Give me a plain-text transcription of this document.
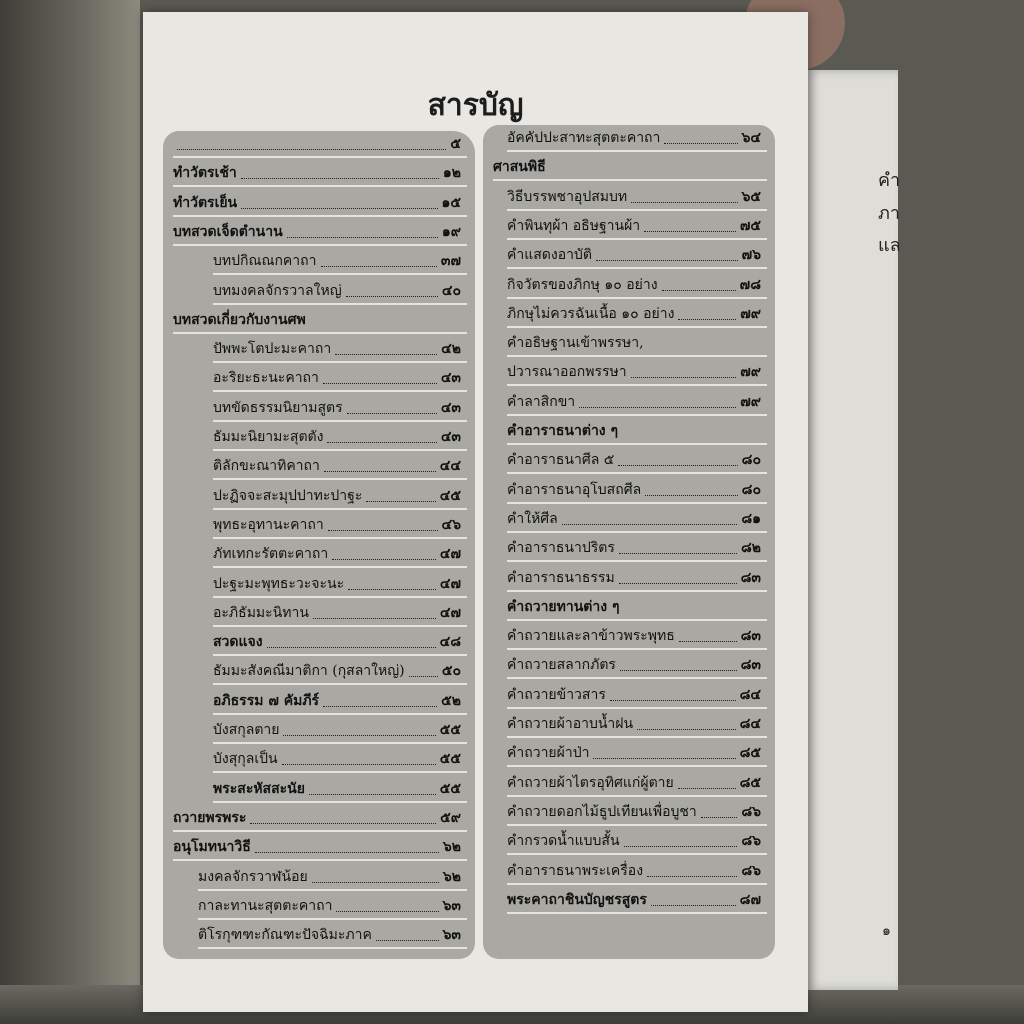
คำ
ภา
แล
๑
สารบัญ
๕
ทำวัตรเช้า	๑๒
ทำวัตรเย็น	๑๕
บทสวดเจ็ดตำนาน	๑๙
บทปกิณณกคาถา	๓๗
บทมงคลจักรวาลใหญ่	๔๐
บทสวดเกี่ยวกับงานศพ
ปัพพะโตปะมะคาถา	๔๒
อะริยะธะนะคาถา	๔๓
บทขัดธรรมนิยามสูตร	๔๓
ธัมมะนิยามะสุตตัง	๔๓
ติลักขะณาทิคาถา	๔๔
ปะฏิจจะสะมุปปาทะปาฐะ	๔๕
พุทธะอุทานะคาถา	๔๖
ภัทเทกะรัตตะคาถา	๔๗
ปะฐะมะพุทธะวะจะนะ	๔๗
อะภิธัมมะนิทาน	๔๗
สวดแจง	๔๘
ธัมมะสังคณีมาติกา (กุสลาใหญ่)	๕๐
อภิธรรม ๗ คัมภีร์	๕๒
บังสกุลตาย	๕๕
บังสุกุลเป็น	๕๕
พระสะหัสสะนัย	๕๕
ถวายพรพระ	๕๙
อนุโมทนาวิธี	๖๒
มงคลจักรวาฬน้อย	๖๒
กาละทานะสุตตะคาถา	๖๓
ติโรกุฑฑะกัณฑะปัจฉิมะภาค	๖๓
อัคคัปปะสาทะสุตตะคาถา	๖๔
ศาสนพิธี
วิธีบรรพชาอุปสมบท	๖๕
คำพินทุผ้า อธิษฐานผ้า	๗๕
คำแสดงอาบัติ	๗๖
กิจวัตรของภิกษุ ๑๐ อย่าง	๗๘
ภิกษุไม่ควรฉันเนื้อ ๑๐ อย่าง	๗๙
คำอธิษฐานเข้าพรรษา,
ปวารณาออกพรรษา	๗๙
คำลาสิกขา	๗๙
คำอาราธนาต่าง ๆ
คำอาราธนาศีล ๕	๘๐
คำอาราธนาอุโบสถศีล	๘๐
คำให้ศีล	๘๑
คำอาราธนาปริตร	๘๒
คำอาราธนาธรรม	๘๓
คำถวายทานต่าง ๆ
คำถวายและลาข้าวพระพุทธ	๘๓
คำถวายสลากภัตร	๘๓
คำถวายข้าวสาร	๘๔
คำถวายผ้าอาบน้ำฝน	๘๔
คำถวายผ้าป่า	๘๕
คำถวายผ้าไตรอุทิศแก่ผู้ตาย	๘๕
คำถวายดอกไม้ธูปเทียนเพื่อบูชา	๘๖
คำกรวดน้ำแบบสั้น	๘๖
คำอาราธนาพระเครื่อง	๘๖
พระคาถาชินบัญชรสูตร	๘๗
